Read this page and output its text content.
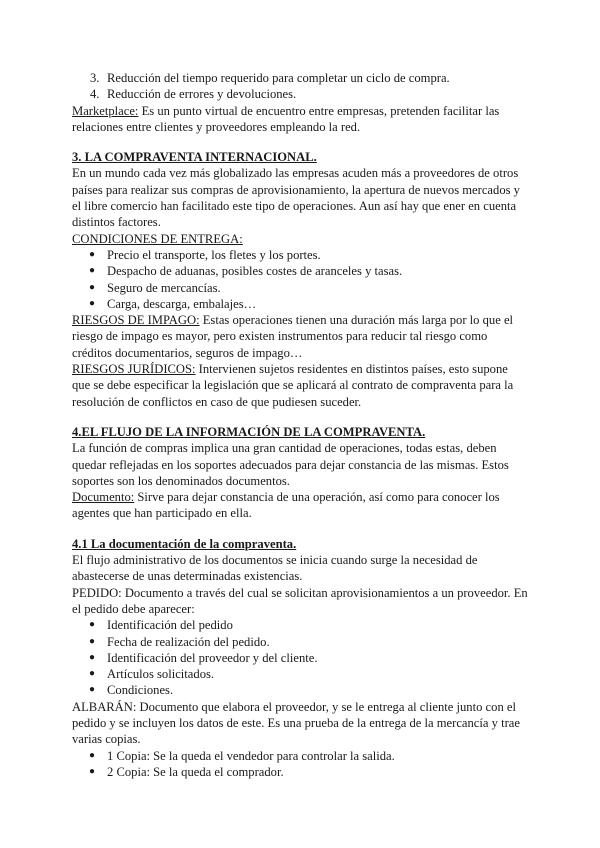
3. Reducción del tiempo requerido para completar un ciclo de compra.
4. Reducción de errores y devoluciones.

Marketplace: Es un punto virtual de encuentro entre empresas, pretenden facilitar las relaciones entre clientes y proveedores empleando la red.

3. LA COMPRAVENTA INTERNACIONAL.

En un mundo cada vez más globalizado las empresas acuden más a proveedores de otros países para realizar sus compras de aprovisionamiento, la apertura de nuevos mercados y el libre comercio han facilitado este tipo de operaciones. Aun así hay que ener en cuenta distintos factores.

CONDICIONES DE ENTREGA:

● Precio el transporte, los fletes y los portes.
● Despacho de aduanas, posibles costes de aranceles y tasas.
● Seguro de mercancías.
● Carga, descarga, embalajes…

RIESGOS DE IMPAGO: Estas operaciones tienen una duración más larga por lo que el riesgo de impago es mayor, pero existen instrumentos para reducir tal riesgo como créditos documentarios, seguros de impago…

RIESGOS JURÍDICOS: Intervienen sujetos residentes en distintos países, esto supone que se debe especificar la legislación que se aplicará al contrato de compraventa para la resolución de conflictos en caso de que pudiesen suceder.

4.EL FLUJO DE LA INFORMACIÓN DE LA COMPRAVENTA.

La función de compras implica una gran cantidad de operaciones, todas estas, deben quedar reflejadas en los soportes adecuados para dejar constancia de las mismas. Estos soportes son los denominados documentos.

Documento: Sirve para dejar constancia de una operación, así como para conocer los agentes que han participado en ella.

4.1 La documentación de la compraventa.

El flujo administrativo de los documentos se inicia cuando surge la necesidad de abastecerse de unas determinadas existencias.

PEDIDO: Documento a través del cual se solicitan aprovisionamientos a un proveedor. En el pedido debe aparecer:

● Identificación del pedido
● Fecha de realización del pedido.
● Identificación del proveedor y del cliente.
● Artículos solicitados.
● Condiciones.

ALBARÁN: Documento que elabora el proveedor, y se le entrega al cliente junto con el pedido y se incluyen los datos de este. Es una prueba de la entrega de la mercancía y trae varias copias.

● 1 Copia: Se la queda el vendedor para controlar la salida.
● 2 Copia: Se la queda el comprador.
